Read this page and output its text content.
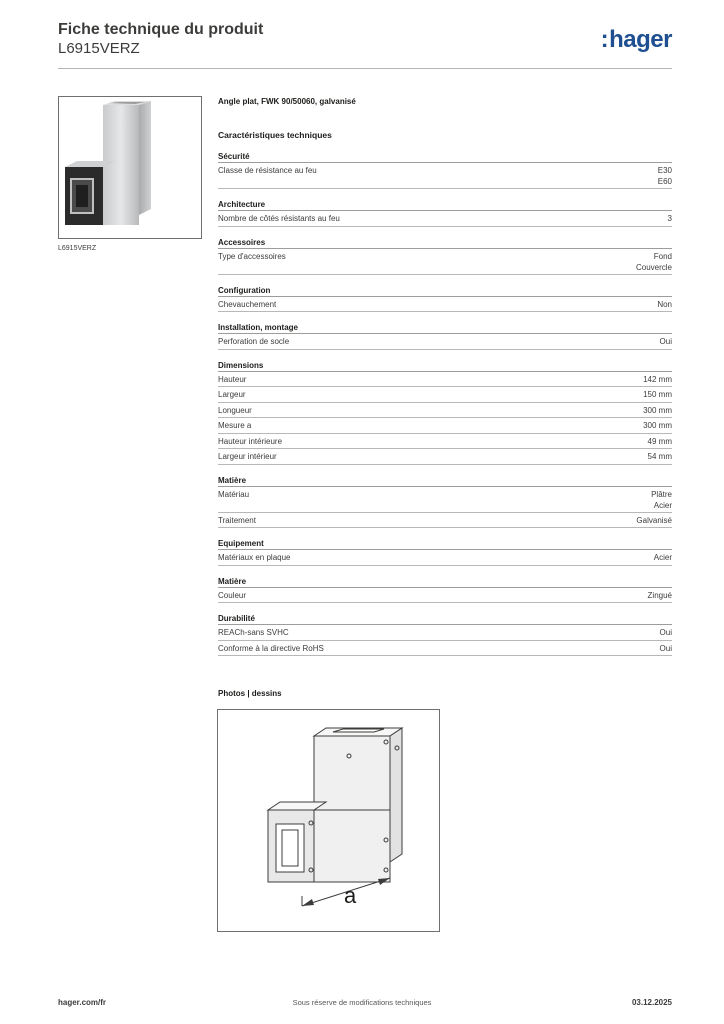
Fiche technique du produit
L6915VERZ	:hager
L6915VERZ
Angle plat, FWK 90/50060, galvanisé
Caractéristiques techniques
Sécurité
Classe de résistance au feu	E30
E60
Architecture
Nombre de côtés résistants au feu	3
Accessoires
Type d'accessoires	Fond
Couvercle
Configuration
Chevauchement	Non
Installation, montage
Perforation de socle	Oui
Dimensions
Hauteur	142 mm
Largeur	150 mm
Longueur	300 mm
Mesure a	300 mm
Hauteur intérieure	49 mm
Largeur intérieur	54 mm
Matière
Matériau	Plâtre
Acier
Traitement	Galvanisé
Equipement
Matériaux en plaque	Acier
Matière
Couleur	Zingué
Durabilité
REACh-sans SVHC	Oui
Conforme à la directive RoHS	Oui
Photos | dessins
a
hager.com/fr	Sous réserve de modifications techniques	03.12.2025
